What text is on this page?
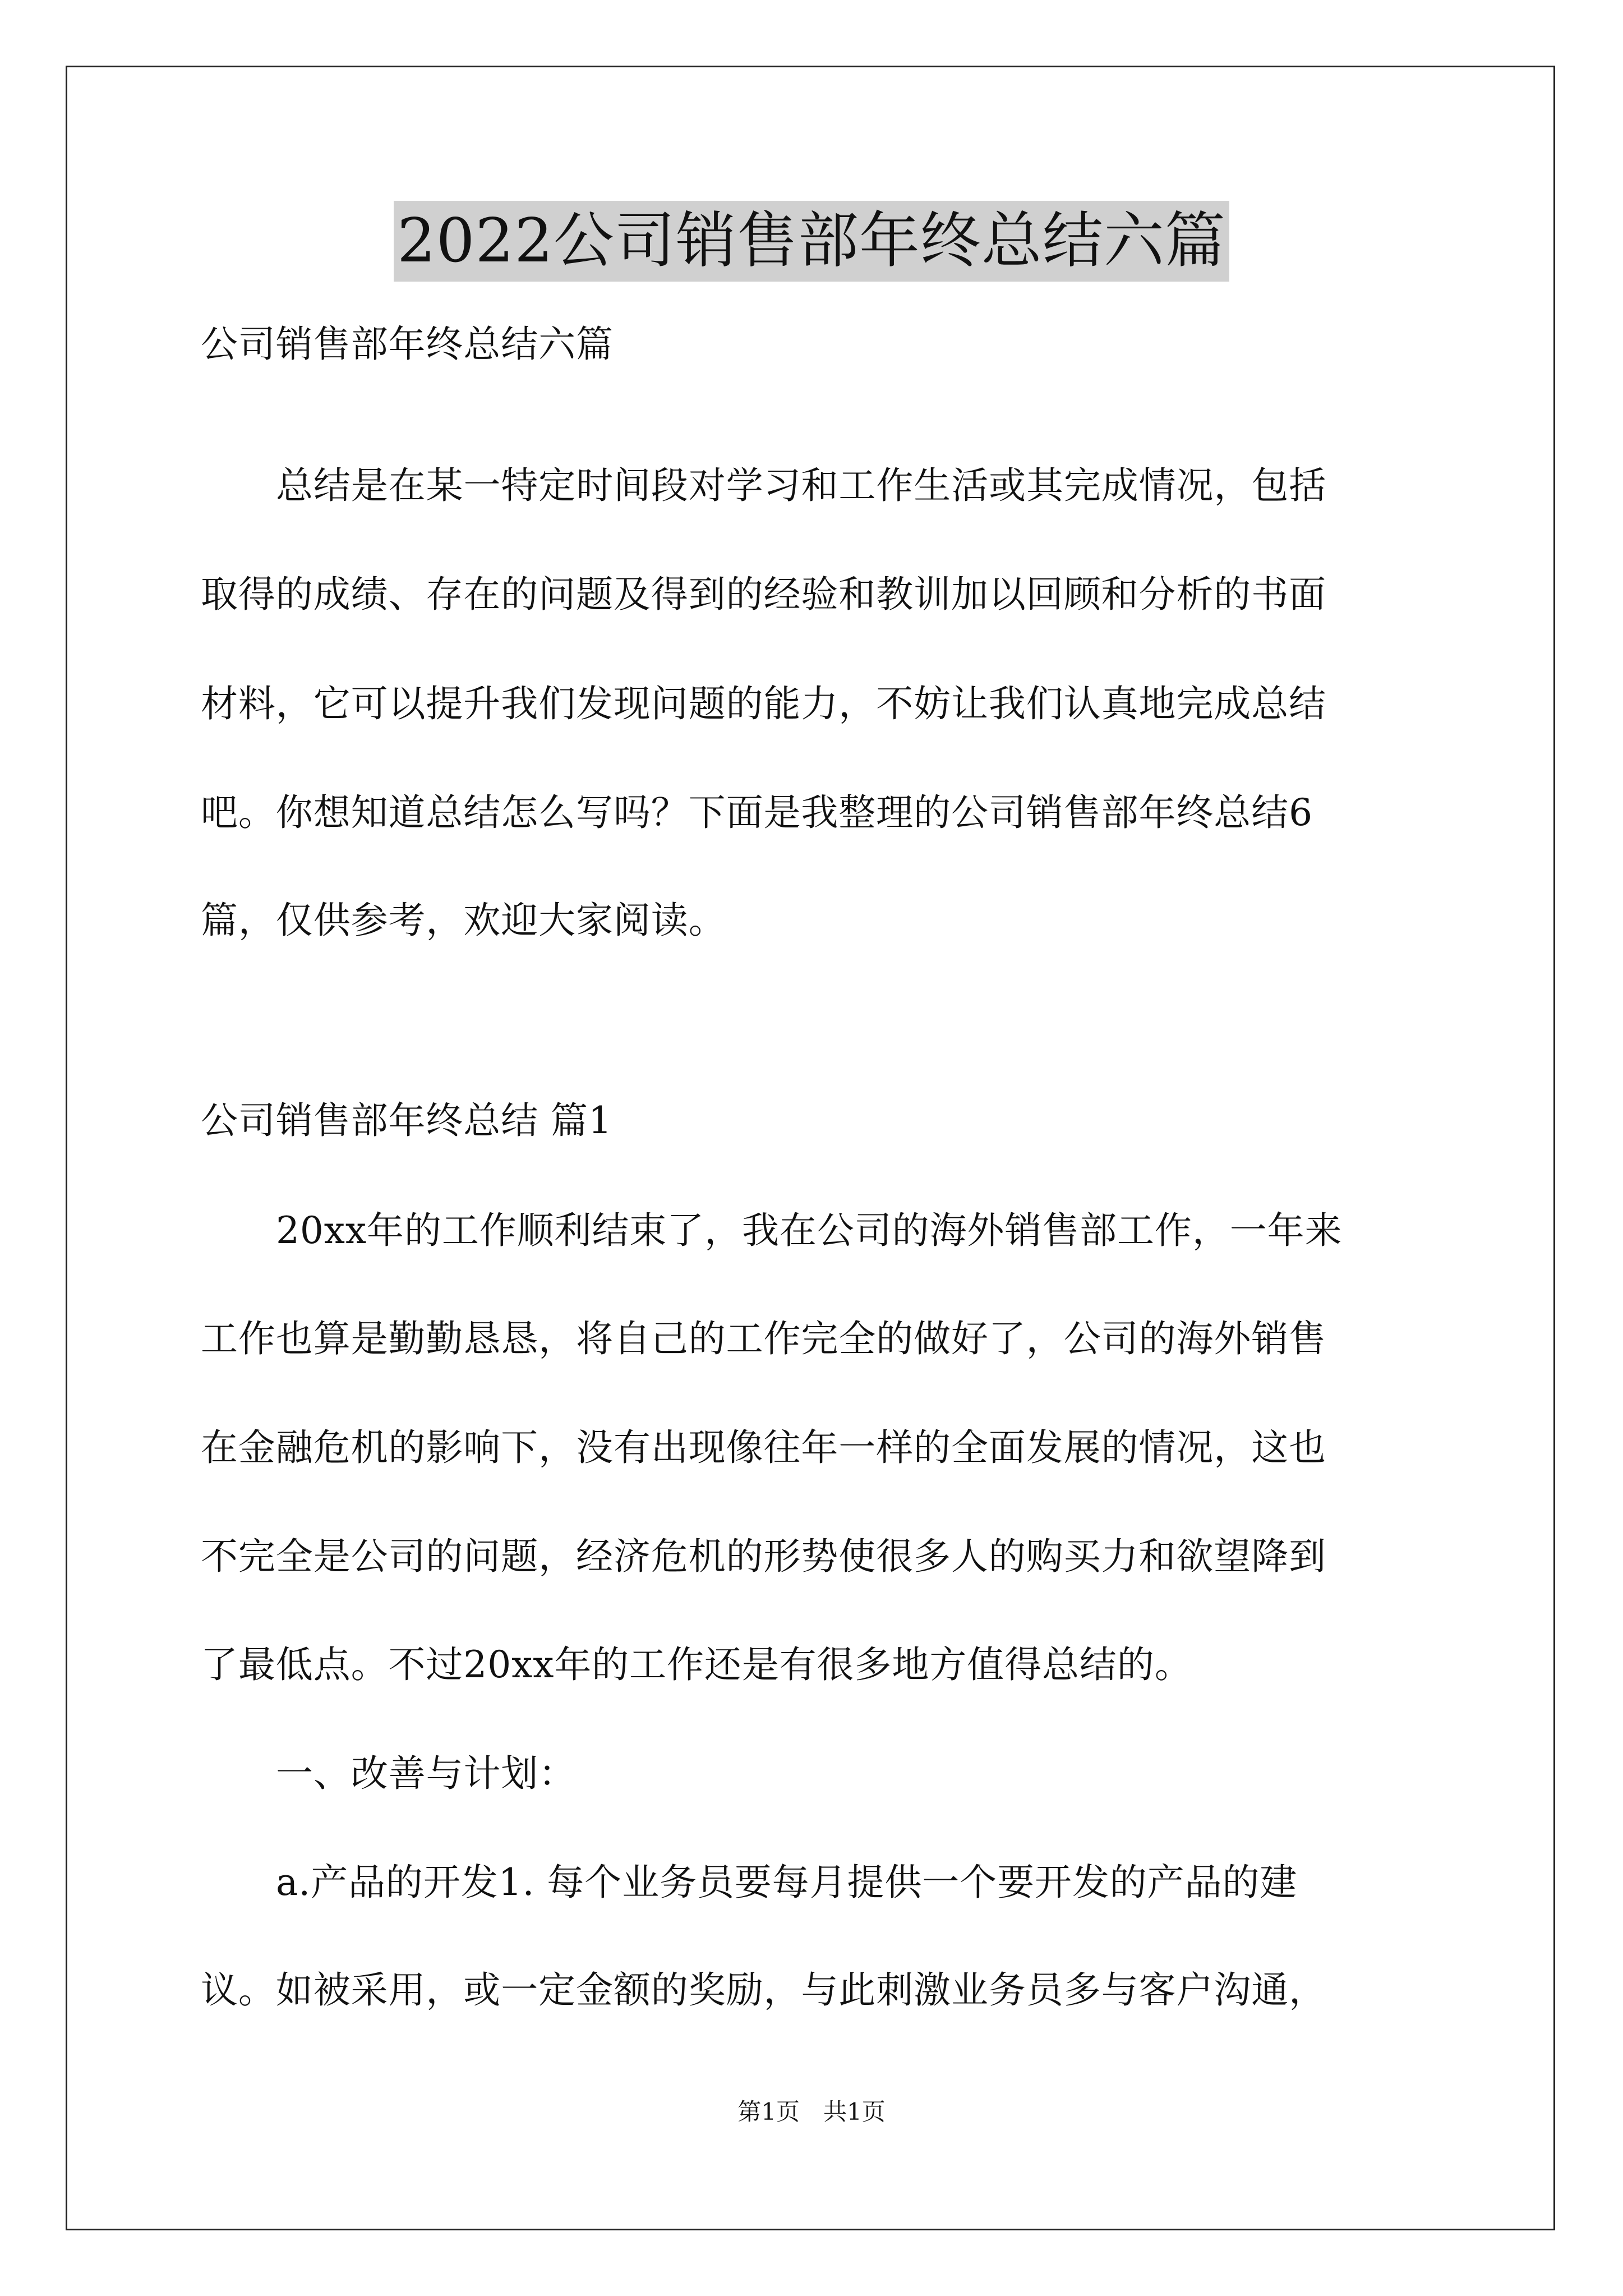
2022公司销售部年终总结六篇
公司销售部年终总结六篇
总结是在某一特定时间段对学习和工作生活或其完成情况，包括
取得的成绩、存在的问题及得到的经验和教训加以回顾和分析的书面
材料，它可以提升我们发现问题的能力，不妨让我们认真地完成总结
吧。你想知道总结怎么写吗？下面是我整理的公司销售部年终总结6
篇，仅供参考，欢迎大家阅读。
公司销售部年终总结 篇1
20xx年的工作顺利结束了，我在公司的海外销售部工作，一年来
工作也算是勤勤恳恳，将自己的工作完全的做好了，公司的海外销售
在金融危机的影响下，没有出现像往年一样的全面发展的情况，这也
不完全是公司的问题，经济危机的形势使很多人的购买力和欲望降到
了最低点。不过20xx年的工作还是有很多地方值得总结的。
一、改善与计划：
a.产品的开发1. 每个业务员要每月提供一个要开发的产品的建
议。如被采用，或一定金额的奖励，与此刺激业务员多与客户沟通，
第1页　共1页
